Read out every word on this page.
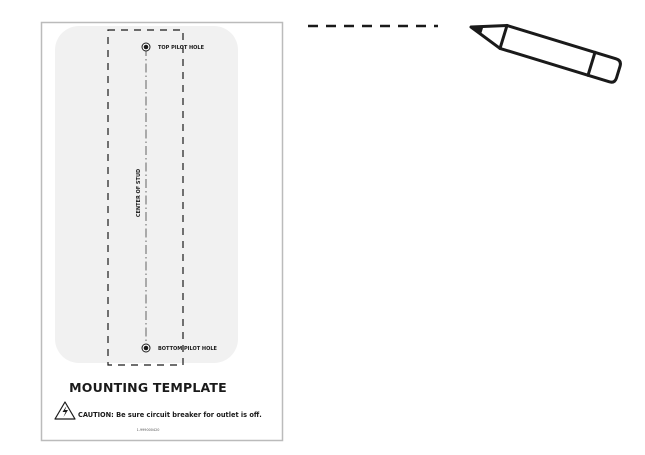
TOP PILOT HOLE
BOTTOM PILOT HOLE
CENTER OF STUD
MOUNTING TEMPLATE
CAUTION: Be sure circuit breaker for outlet is off.
1-999000420
